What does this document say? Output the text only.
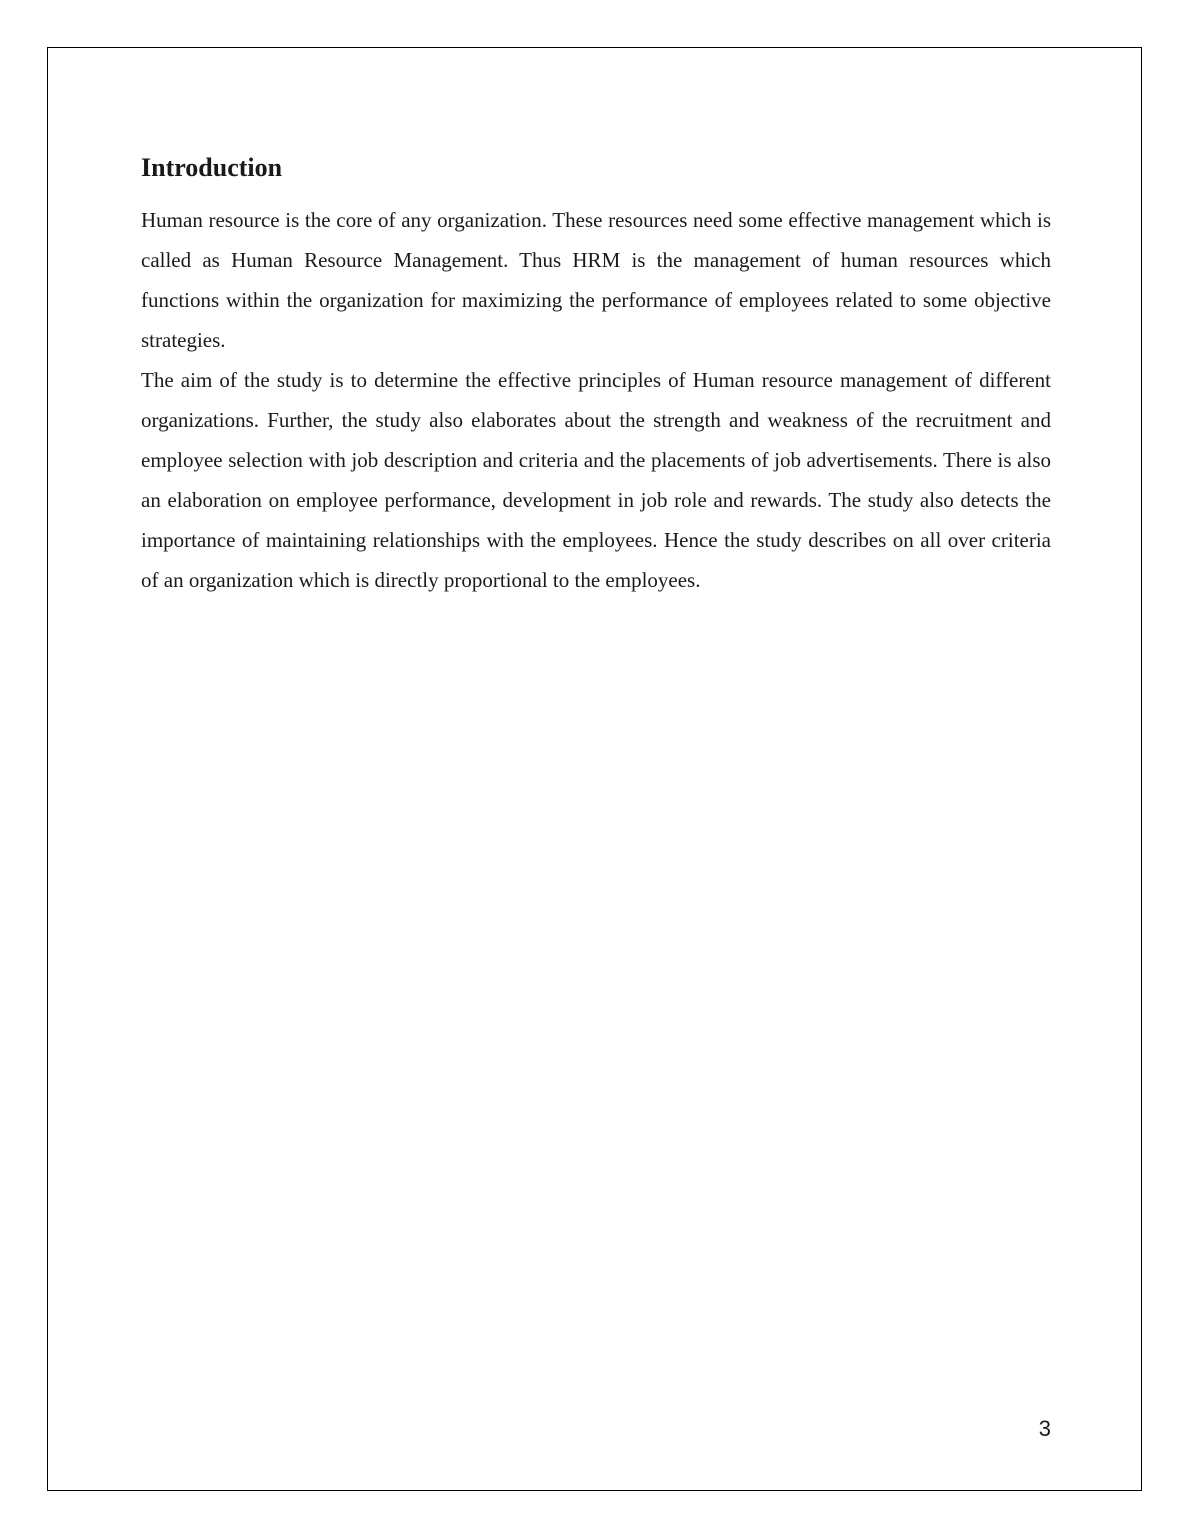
Introduction

Human resource is the core of any organization. These resources need some effective management which is called as Human Resource Management. Thus HRM is the management of human resources which functions within the organization for maximizing the performance of employees related to some objective strategies.

The aim of the study is to determine the effective principles of Human resource management of different organizations. Further, the study also elaborates about the strength and weakness of the recruitment and employee selection with job description and criteria and the placements of job advertisements. There is also an elaboration on employee performance, development in job role and rewards. The study also detects the importance of maintaining relationships with the employees. Hence the study describes on all over criteria of an organization which is directly proportional to the employees.

3
